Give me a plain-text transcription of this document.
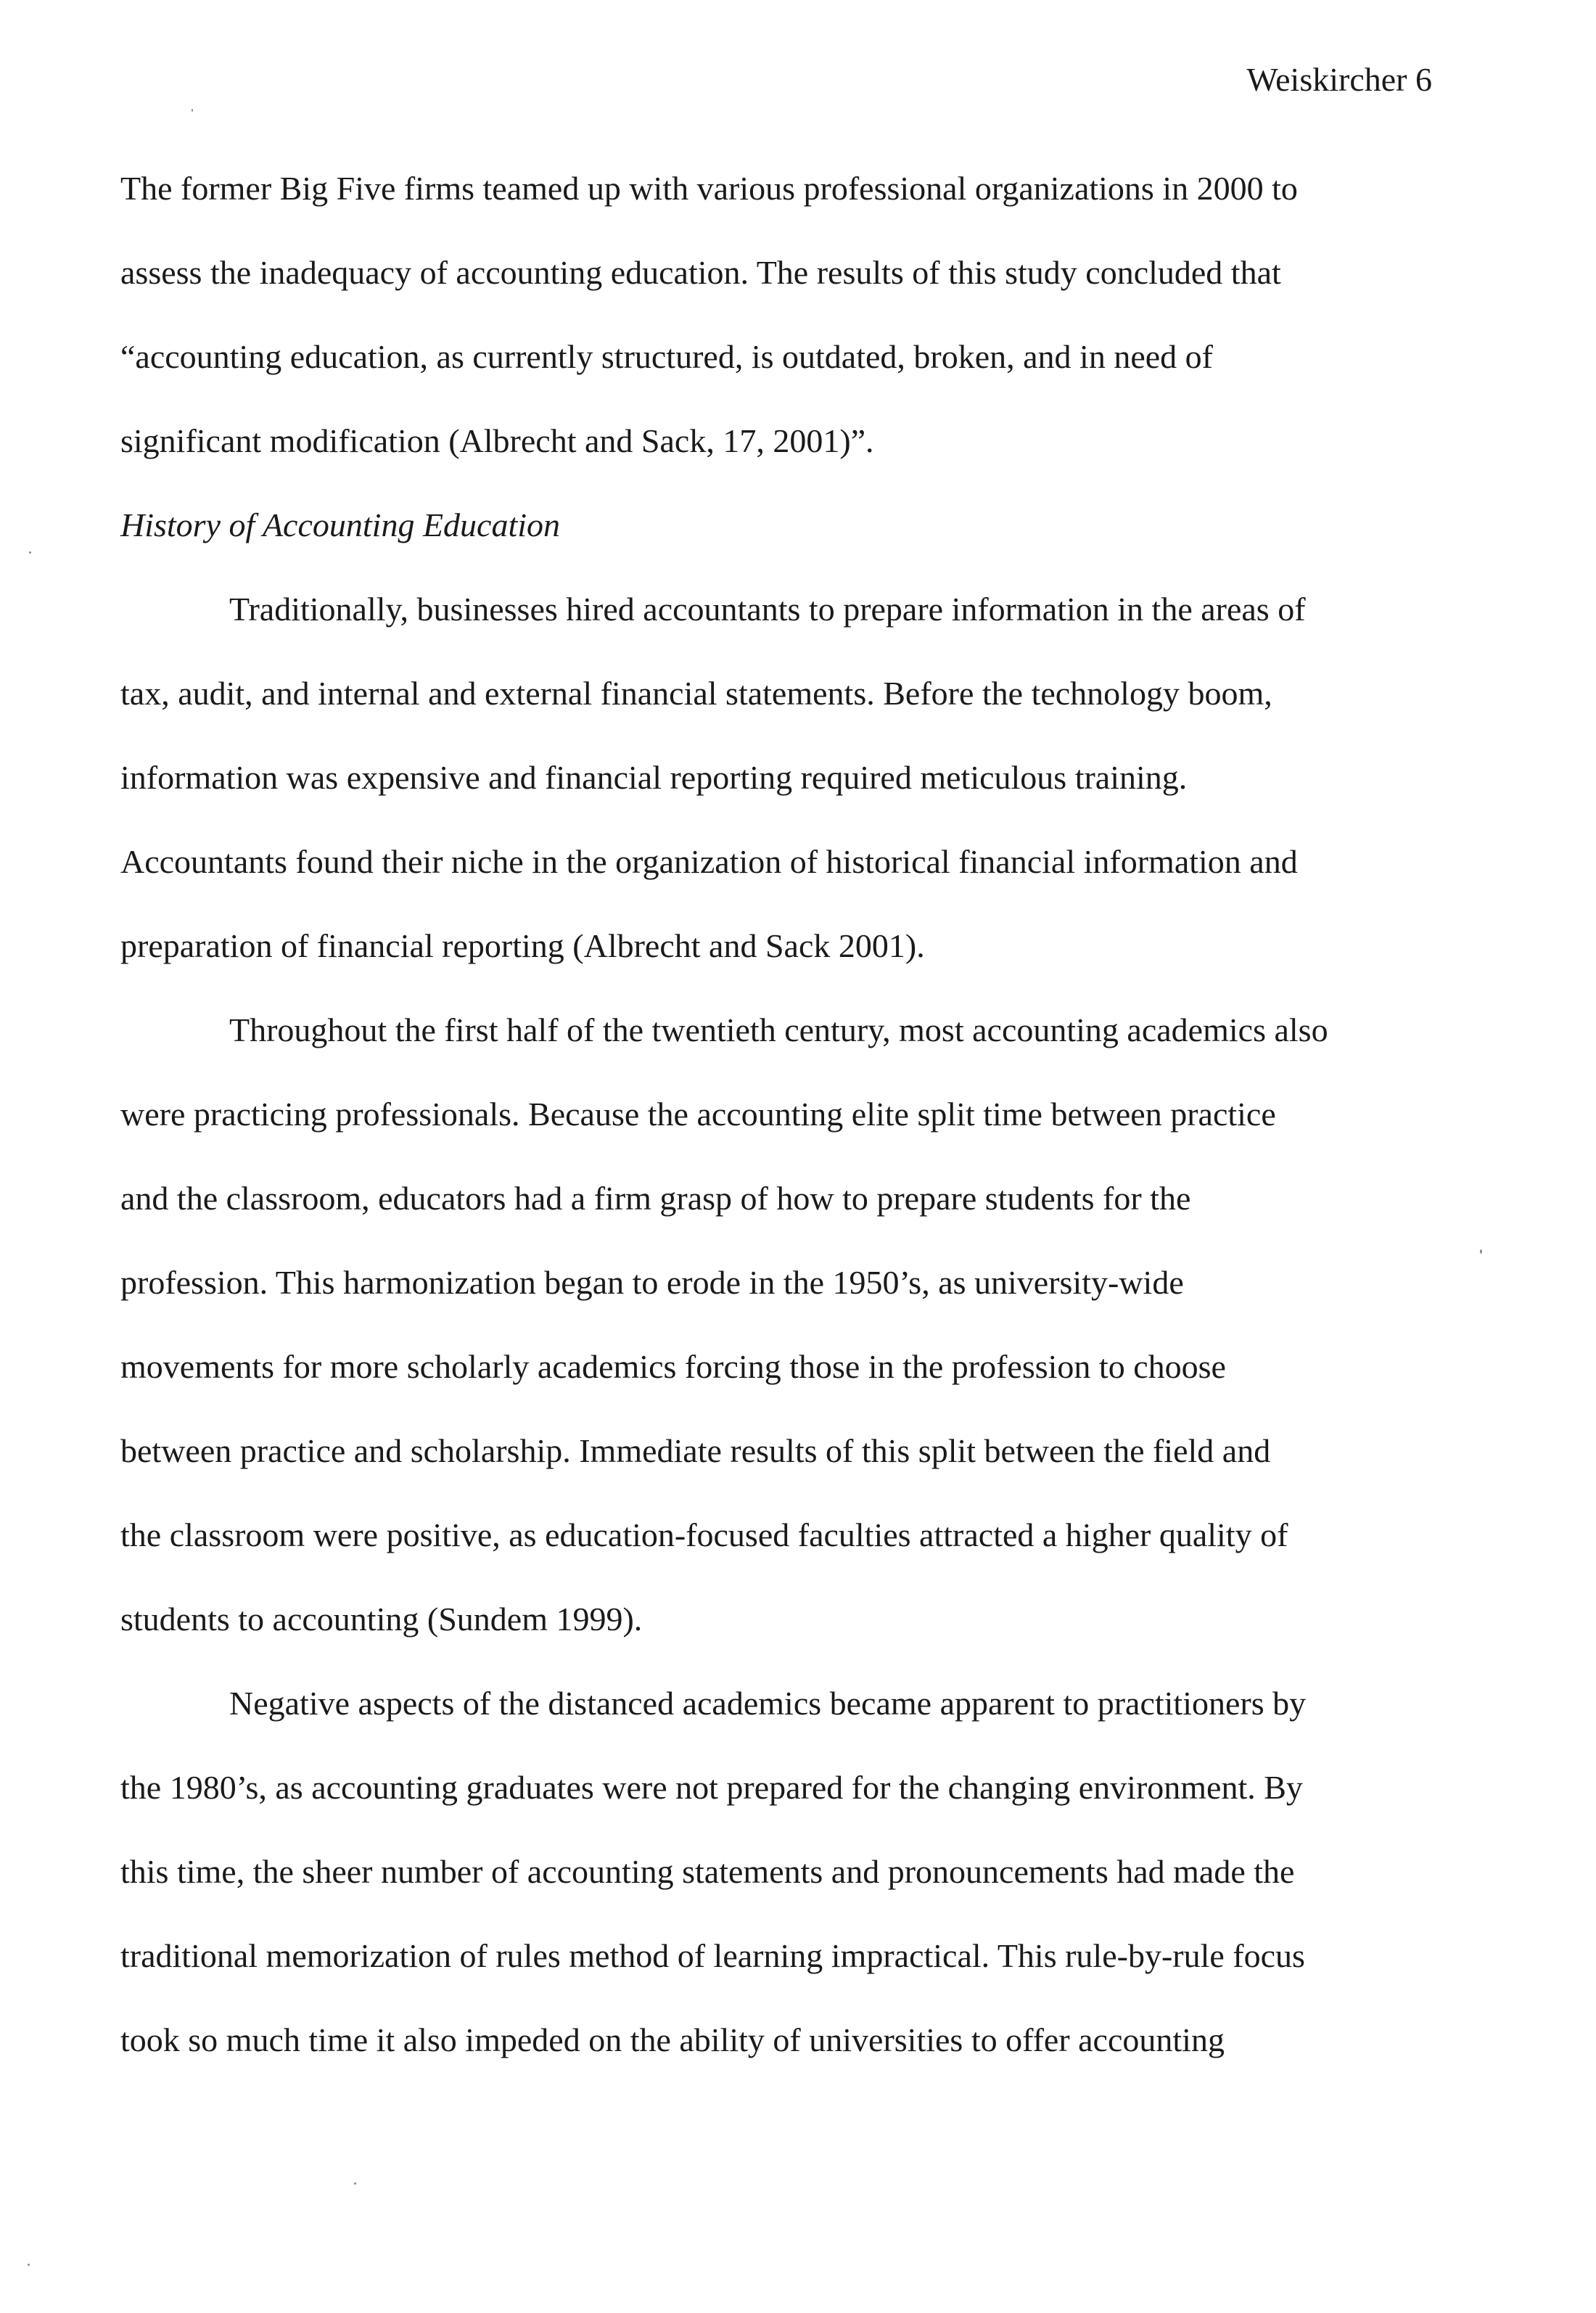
Weiskircher 6
The former Big Five firms teamed up with various professional organizations in 2000 to
assess the inadequacy of accounting education. The results of this study concluded that
“accounting education, as currently structured, is outdated, broken, and in need of
significant modification (Albrecht and Sack, 17, 2001)”.
History of Accounting Education
Traditionally, businesses hired accountants to prepare information in the areas of
tax, audit, and internal and external financial statements. Before the technology boom,
information was expensive and financial reporting required meticulous training.
Accountants found their niche in the organization of historical financial information and
preparation of financial reporting (Albrecht and Sack 2001).
Throughout the first half of the twentieth century, most accounting academics also
were practicing professionals. Because the accounting elite split time between practice
and the classroom, educators had a firm grasp of how to prepare students for the
profession. This harmonization began to erode in the 1950’s, as university-wide
movements for more scholarly academics forcing those in the profession to choose
between practice and scholarship. Immediate results of this split between the field and
the classroom were positive, as education-focused faculties attracted a higher quality of
students to accounting (Sundem 1999).
Negative aspects of the distanced academics became apparent to practitioners by
the 1980’s, as accounting graduates were not prepared for the changing environment. By
this time, the sheer number of accounting statements and pronouncements had made the
traditional memorization of rules method of learning impractical. This rule-by-rule focus
took so much time it also impeded on the ability of universities to offer accounting
